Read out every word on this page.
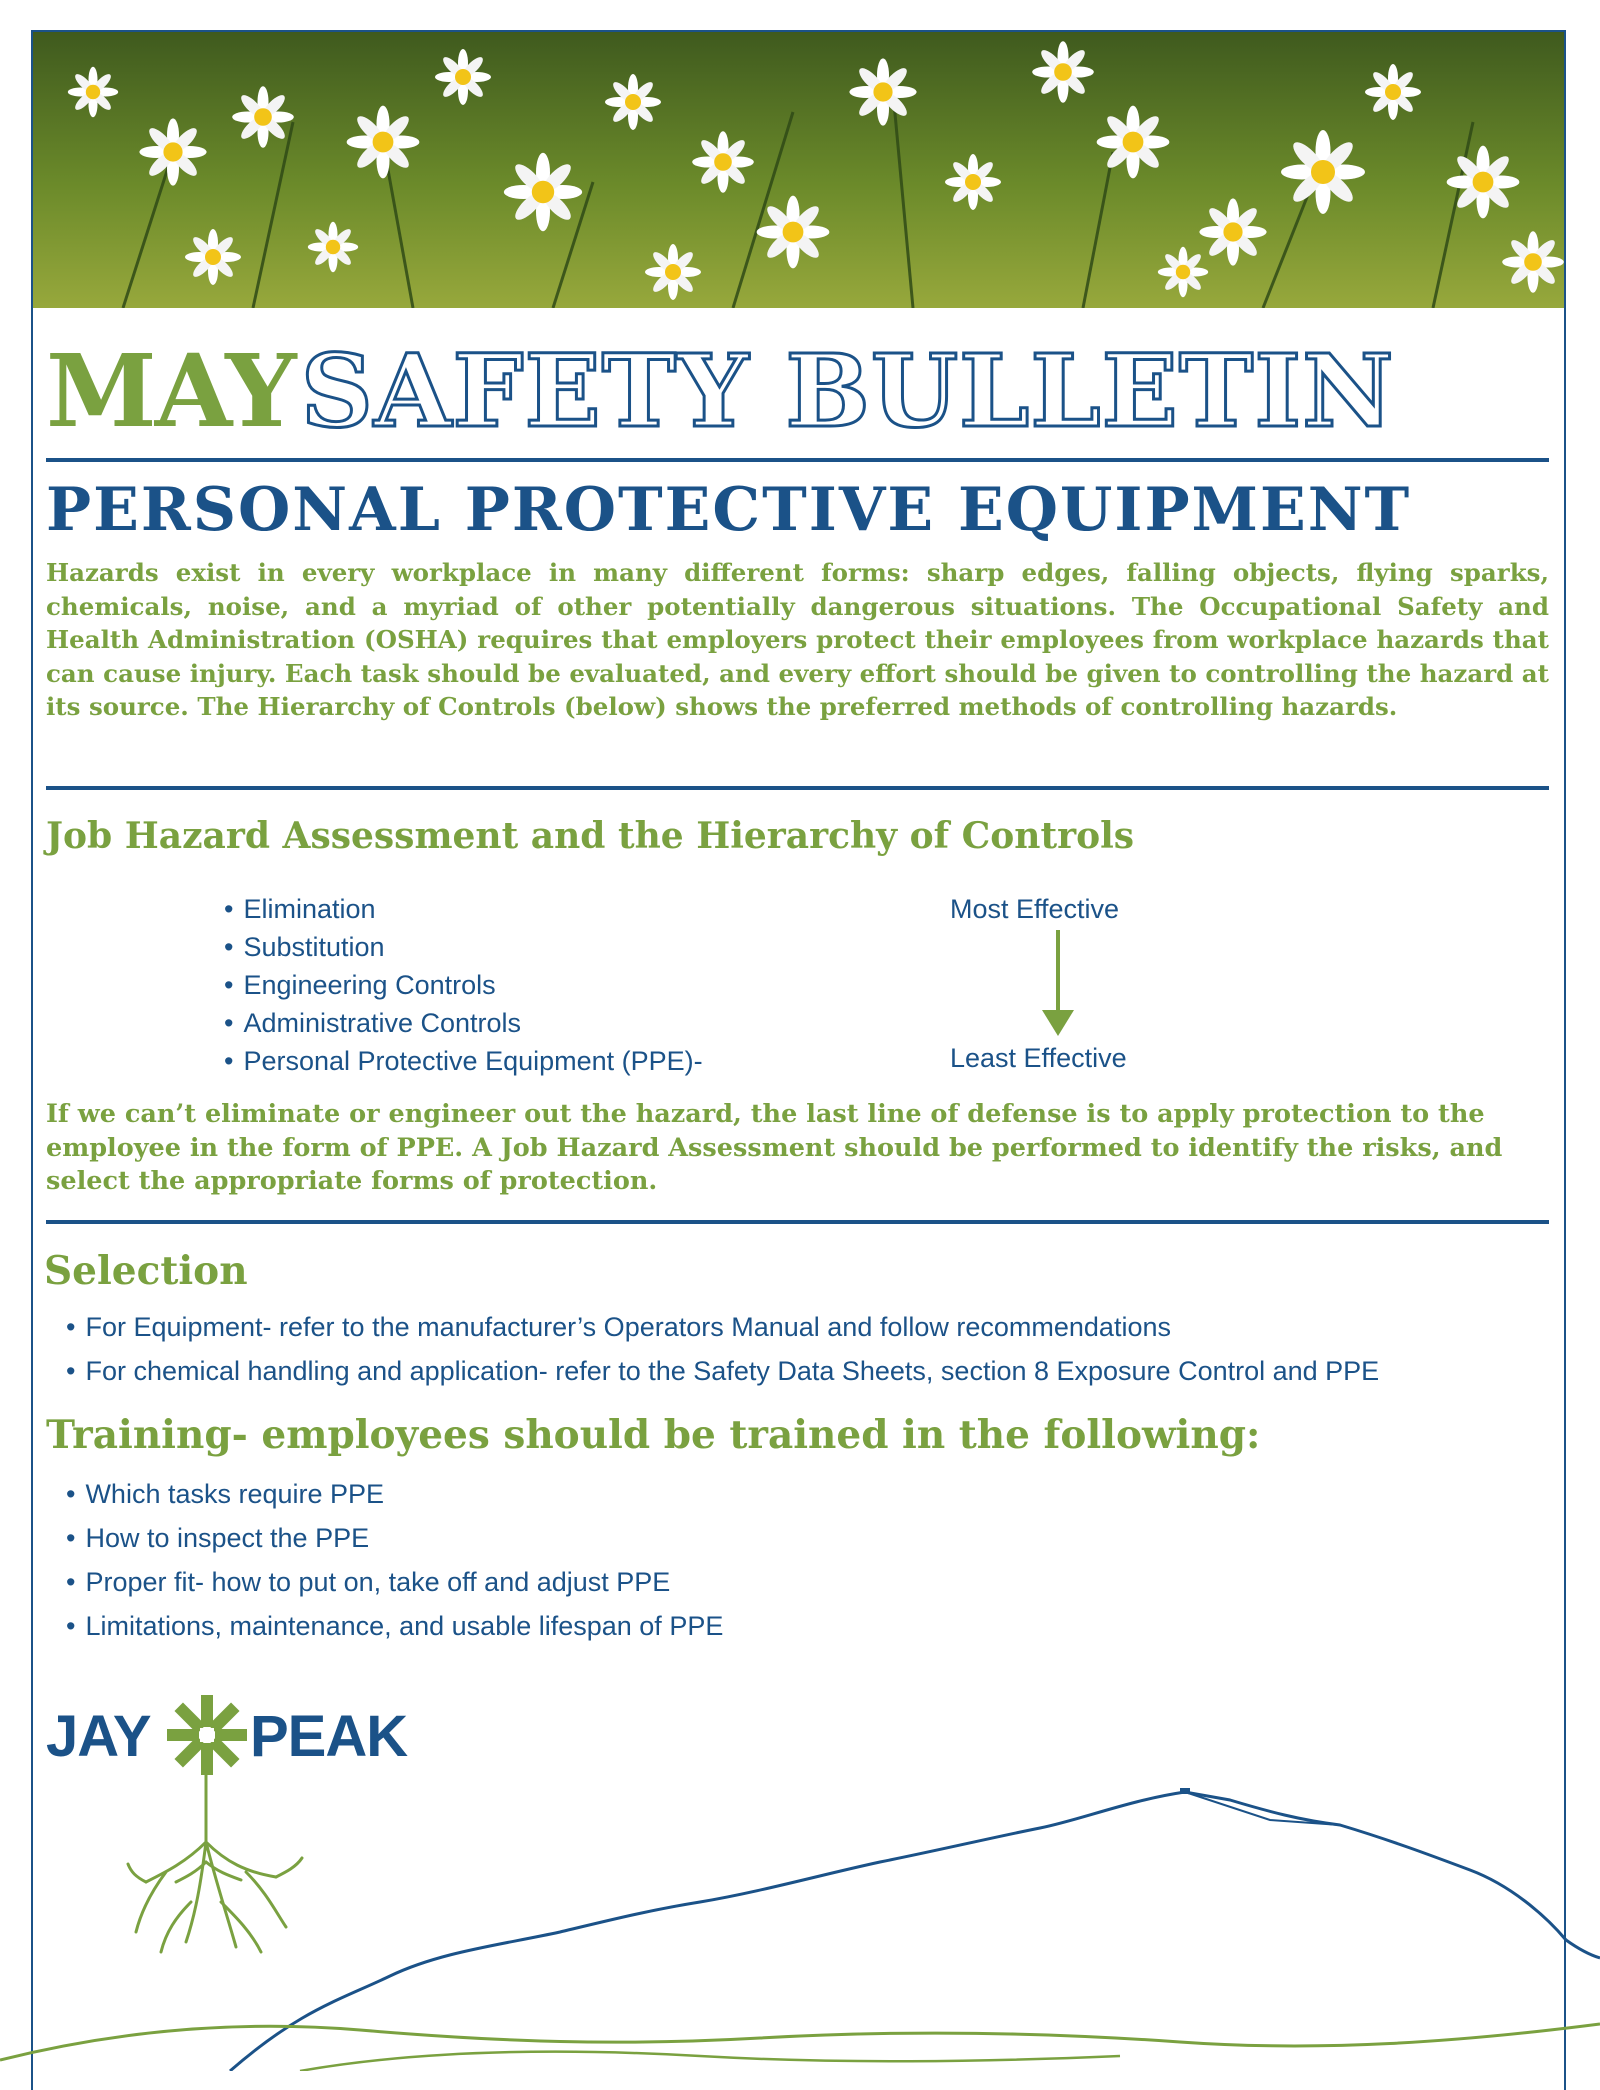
MAY SAFETY BULLETIN
PERSONAL PROTECTIVE EQUIPMENT

Hazards exist in every workplace in many different forms: sharp edges, falling objects, flying sparks, chemicals, noise, and a myriad of other potentially dangerous situations. The Occupational Safety and Health Administration (OSHA) requires that employers protect their employees from workplace hazards that can cause injury. Each task should be evaluated, and every effort should be given to controlling the hazard at its source. The Hierarchy of Controls (below) shows the preferred methods of controlling hazards.

Job Hazard Assessment and the Hierarchy of Controls
• Elimination
• Substitution
• Engineering Controls
• Administrative Controls
• Personal Protective Equipment (PPE)-
Most Effective
Least Effective

If we can’t eliminate or engineer out the hazard, the last line of defense is to apply protection to the employee in the form of PPE. A Job Hazard Assessment should be performed to identify the risks, and select the appropriate forms of protection.

Selection
• For Equipment- refer to the manufacturer’s Operators Manual and follow recommendations
• For chemical handling and application- refer to the Safety Data Sheets, section 8 Exposure Control and PPE
Training- employees should be trained in the following:
• Which tasks require PPE
• How to inspect the PPE
• Proper fit- how to put on, take off and adjust PPE
• Limitations, maintenance, and usable lifespan of PPE
JAY PEAK
